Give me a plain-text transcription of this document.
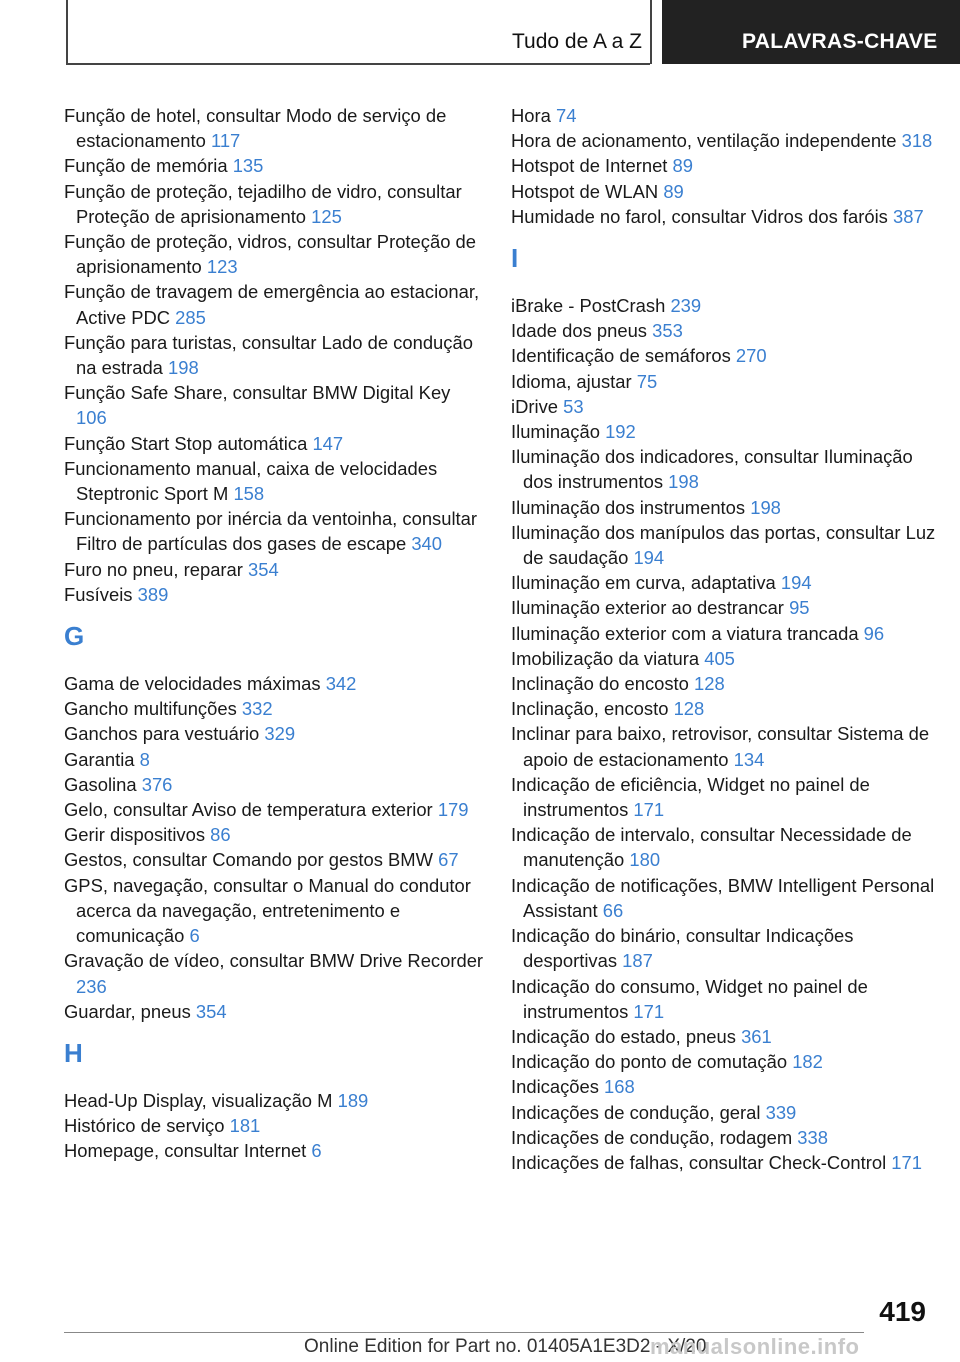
Tudo de A a Z	PALAVRAS-CHAVE
Função de hotel, consultar Modo de serviço de estacionamento 117
Função de memória 135
Função de proteção, tejadilho de vidro, consultar Proteção de aprisionamento 125
Função de proteção, vidros, consultar Proteção de aprisionamento 123
Função de travagem de emergência ao estacionar, Active PDC 285
Função para turistas, consultar Lado de condução na estrada 198
Função Safe Share, consultar BMW Digital Key 106
Função Start Stop automática 147
Funcionamento manual, caixa de velocidades Steptronic Sport M 158
Funcionamento por inércia da ventoinha, consultar Filtro de partículas dos gases de escape 340
Furo no pneu, reparar 354
Fusíveis 389
G
Gama de velocidades máximas 342
Gancho multifunções 332
Ganchos para vestuário 329
Garantia 8
Gasolina 376
Gelo, consultar Aviso de temperatura exterior 179
Gerir dispositivos 86
Gestos, consultar Comando por gestos BMW 67
GPS, navegação, consultar o Manual do condutor acerca da navegação, entretenimento e comunicação 6
Gravação de vídeo, consultar BMW Drive Recorder 236
Guardar, pneus 354
H
Head-Up Display, visualização M 189
Histórico de serviço 181
Homepage, consultar Internet 6
Hora 74
Hora de acionamento, ventilação independente 318
Hotspot de Internet 89
Hotspot de WLAN 89
Humidade no farol, consultar Vidros dos faróis 387
I
iBrake - PostCrash 239
Idade dos pneus 353
Identificação de semáforos 270
Idioma, ajustar 75
iDrive 53
Iluminação 192
Iluminação dos indicadores, consultar Iluminação dos instrumentos 198
Iluminação dos instrumentos 198
Iluminação dos manípulos das portas, consultar Luz de saudação 194
Iluminação em curva, adaptativa 194
Iluminação exterior ao destrancar 95
Iluminação exterior com a viatura trancada 96
Imobilização da viatura 405
Inclinação do encosto 128
Inclinação, encosto 128
Inclinar para baixo, retrovisor, consultar Sistema de apoio de estacionamento 134
Indicação de eficiência, Widget no painel de instrumentos 171
Indicação de intervalo, consultar Necessidade de manutenção 180
Indicação de notificações, BMW Intelligent Personal Assistant 66
Indicação do binário, consultar Indicações desportivas 187
Indicação do consumo, Widget no painel de instrumentos 171
Indicação do estado, pneus 361
Indicação do ponto de comutação 182
Indicações 168
Indicações de condução, geral 339
Indicações de condução, rodagem 338
Indicações de falhas, consultar Check-Control 171
419
Online Edition for Part no. 01405A1E3D2 - X/20
manualsonline.info
